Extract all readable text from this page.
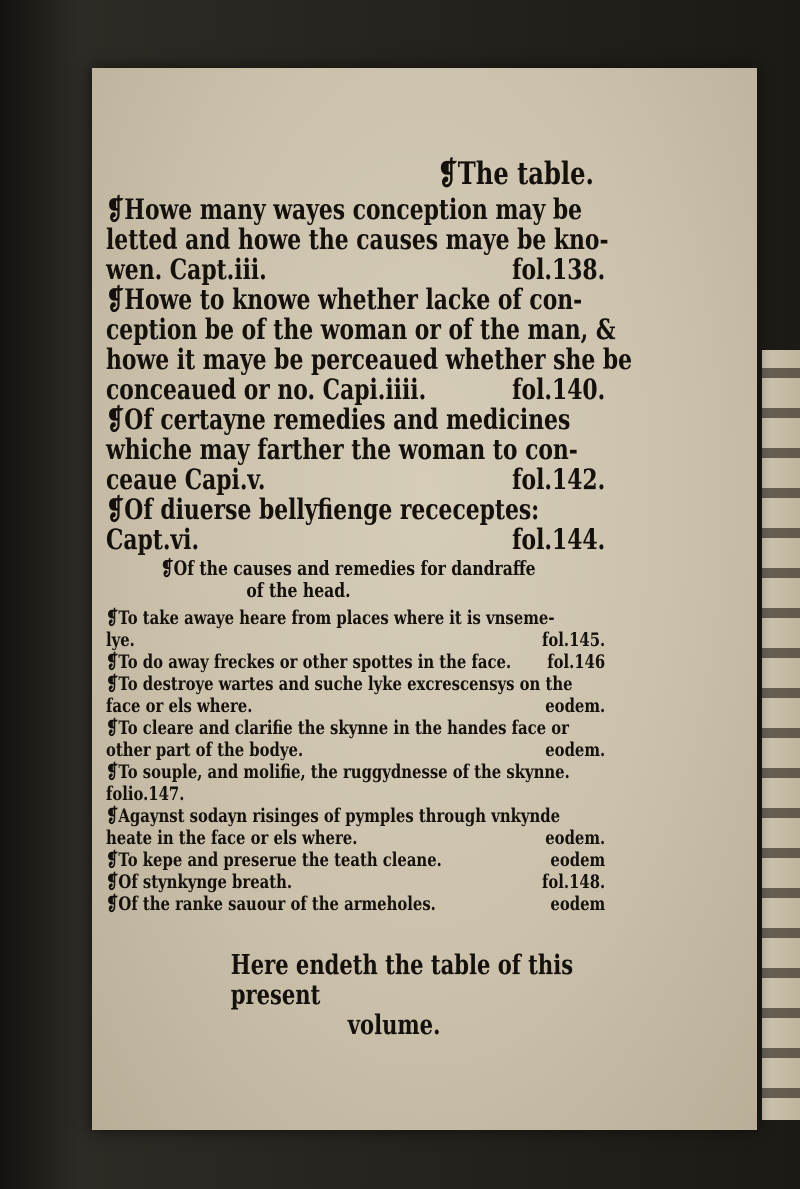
❡The table.
❡Howe many wayes conception may be
letted and howe the causes maye be kno-
wen. Capt.iii.	fol.138.
❡Howe to knowe whether lacke of con-
ception be of the woman or of the man, &
howe it maye be perceaued whether she be
conceaued or no. Capi.iiii.	fol.140.
❡Of certayne remedies and medicines
whiche may farther the woman to con-
ceaue Capi.v.	fol.142.
❡Of diuerse bellyfienge receceptes:
Capt.vi.	fol.144.
❡Of the causes and remedies for dandraffe
of the head.
❡To take awaye heare from places where it is vnseme-
lye.	fol.145.
❡To do away freckes or other spottes in the face. fol.146
❡To destroye wartes and suche lyke excrescensys on the
face or els where.	eodem.
❡To cleare and clarifie the skynne in the handes face or
other part of the bodye.	eodem.
❡To souple, and molifie, the ruggydnesse of the skynne.
folio.147.
❡Agaynst sodayn risinges of pymples through vnkynde
heate in the face or els where.	eodem.
❡To kepe and preserue the teath cleane.	eodem
❡Of stynkynge breath.	fol.148.
❡Of the ranke sauour of the armeholes.	eodem
Here endeth the table of this present
volume.
